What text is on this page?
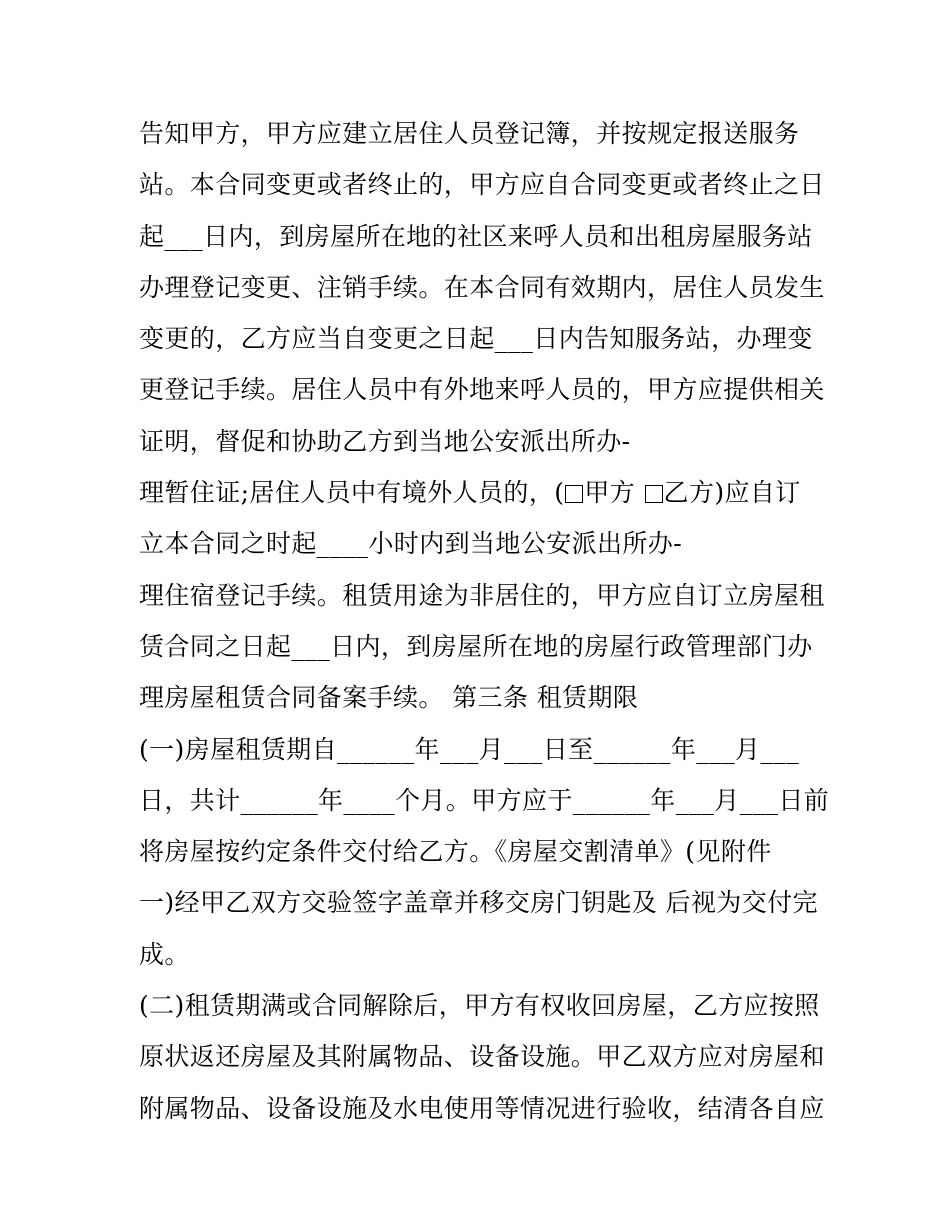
告知甲方，甲方应建立居住人员登记簿，并按规定报送服务
站。本合同变更或者终止的，甲方应自合同变更或者终止之日
起___日内，到房屋所在地的社区来呼人员和出租房屋服务站
办理登记变更、注销手续。在本合同有效期内，居住人员发生
变更的，乙方应当自变更之日起___日内告知服务站，办理变
更登记手续。居住人员中有外地来呼人员的，甲方应提供相关
证明，督促和协助乙方到当地公安派出所办-
理暂住证;居住人员中有境外人员的，( 甲方 乙方)应自订
立本合同之时起____小时内到当地公安派出所办-
理住宿登记手续。租赁用途为非居住的，甲方应自订立房屋租
赁合同之日起___日内，到房屋所在地的房屋行政管理部门办
理房屋租赁合同备案手续。 第三条 租赁期限
(一)房屋租赁期自______年___月___日至______年___月___
日，共计______年____个月。甲方应于______年___月___日前
将房屋按约定条件交付给乙方。《房屋交割清单》(见附件
一)经甲乙双方交验签字盖章并移交房门钥匙及 后视为交付完
成。
(二)租赁期满或合同解除后，甲方有权收回房屋，乙方应按照
原状返还房屋及其附属物品、设备设施。甲乙双方应对房屋和
附属物品、设备设施及水电使用等情况进行验收，结清各自应
